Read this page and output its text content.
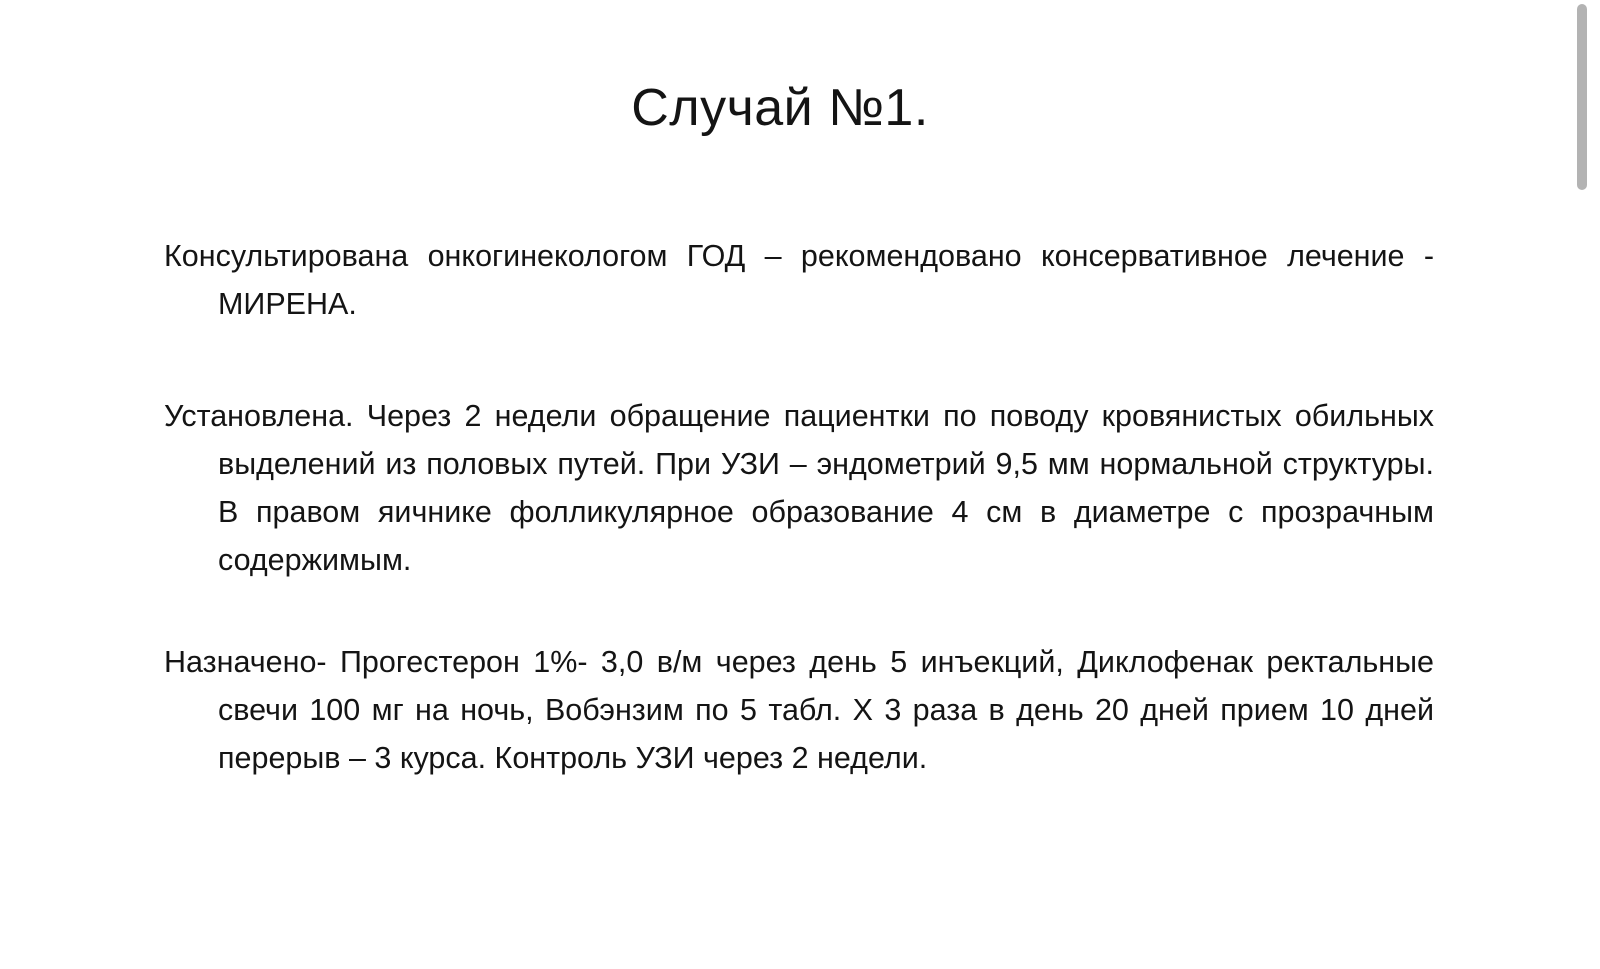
Случай №1.

Консультирована онкогинекологом ГОД – рекомендовано консервативное лечение - МИРЕНА.

Установлена. Через 2 недели обращение пациентки по поводу кровянистых обильных выделений из половых путей. При УЗИ – эндометрий 9,5 мм нормальной структуры. В правом яичнике фолликулярное образование 4 см в диаметре с прозрачным содержимым.

Назначено- Прогестерон 1%- 3,0 в/м через день 5 инъекций, Диклофенак ректальные свечи 100 мг на ночь, Вобэнзим по 5 табл. Х 3 раза в день 20 дней прием 10 дней перерыв – 3 курса. Контроль УЗИ через 2 недели.
